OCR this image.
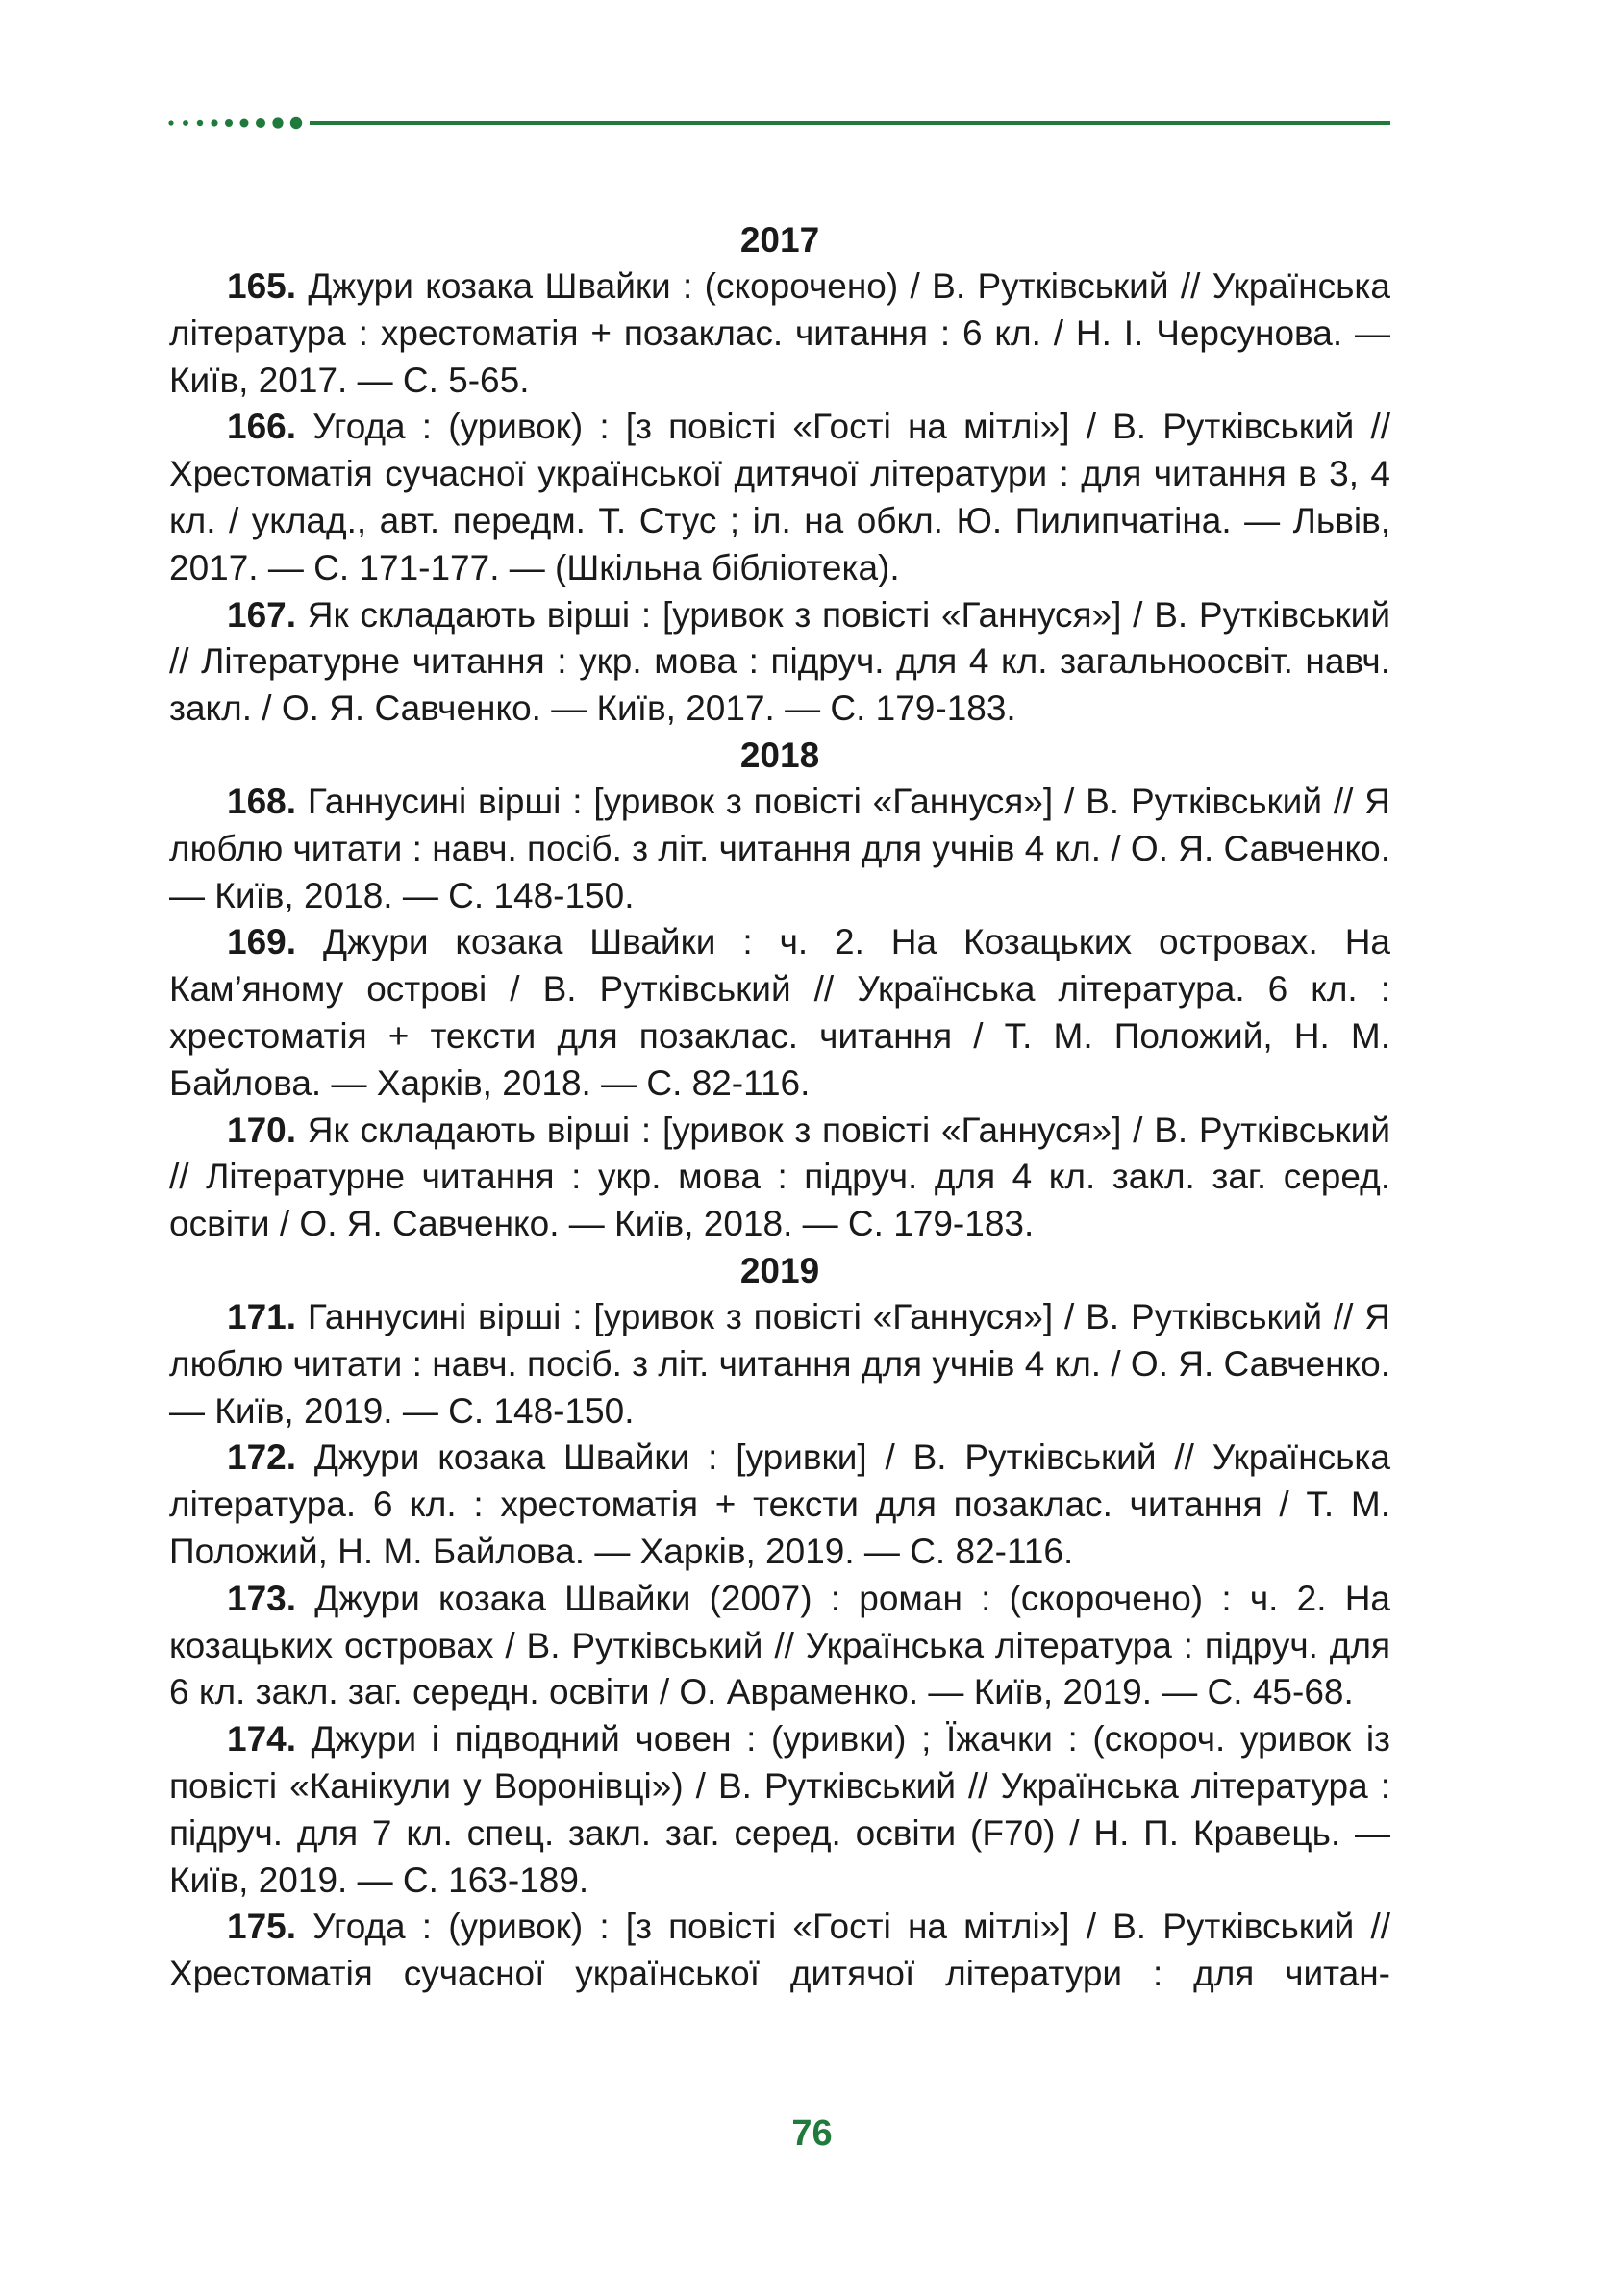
2017

165. Джури козака Швайки : (скорочено) / В. Рутківський // Українська література : хрестоматія + позаклас. читання : 6 кл. / Н. І. Черсунова. — Київ, 2017. — С. 5-65.

166. Угода : (уривок) : [з повісті «Гості на мітлі»] / В. Рутківський // Хрестоматія сучасної української дитячої літератури : для читання в 3, 4 кл. / уклад., авт. передм. Т. Стус ; іл. на обкл. Ю. Пилипчатіна. — Львів, 2017. — С. 171-177. — (Шкільна бібліотека).

167. Як складають вірші : [уривок з повісті «Ганнуся»] / В. Рутківський // Літературне читання : укр. мова : підруч. для 4 кл. загальноосвіт. навч. закл. / О. Я. Савченко. — Київ, 2017. — С. 179-183.

2018

168. Ганнусині вірші : [уривок з повісті «Ганнуся»] / В. Рутківський // Я люблю читати : навч. посіб. з літ. читання для учнів 4 кл. / О. Я. Савченко. — Київ, 2018. — С. 148-150.

169. Джури козака Швайки : ч. 2. На Козацьких островах. На Кам’яному острові / В. Рутківський // Українська література. 6 кл. : хрестоматія + тексти для позаклас. читання / Т. М. Положий, Н. М. Байлова. — Харків, 2018. — С. 82-116.

170. Як складають вірші : [уривок з повісті «Ганнуся»] / В. Рутківський // Літературне читання : укр. мова : підруч. для 4 кл. закл. заг. серед. освіти / О. Я. Савченко. — Київ, 2018. — С. 179-183.

2019

171. Ганнусині вірші : [уривок з повісті «Ганнуся»] / В. Рутківський // Я люблю читати : навч. посіб. з літ. читання для учнів 4 кл. / О. Я. Савченко. — Київ, 2019. — С. 148-150.

172. Джури козака Швайки : [уривки] / В. Рутківський // Українська література. 6 кл. : хрестоматія + тексти для позаклас. читання / Т. М. Положий, Н. М. Байлова. — Харків, 2019. — С. 82-116.

173. Джури козака Швайки (2007) : роман : (скорочено) : ч. 2. На козацьких островах / В. Рутківський // Українська література : підруч. для 6 кл. закл. заг. середн. освіти / О. Авраменко. — Київ, 2019. — С. 45-68.

174. Джури і підводний човен : (уривки) ; Їжачки : (скороч. уривок із повісті «Канікули у Воронівці») / В. Рутківський // Українська література : підруч. для 7 кл. спец. закл. заг. серед. освіти (F70) / Н. П. Кравець. — Київ, 2019. — С. 163-189.

175. Угода : (уривок) : [з повісті «Гості на мітлі»] / В. Рутківський // Хрестоматія сучасної української дитячої літератури : для читан-

76
